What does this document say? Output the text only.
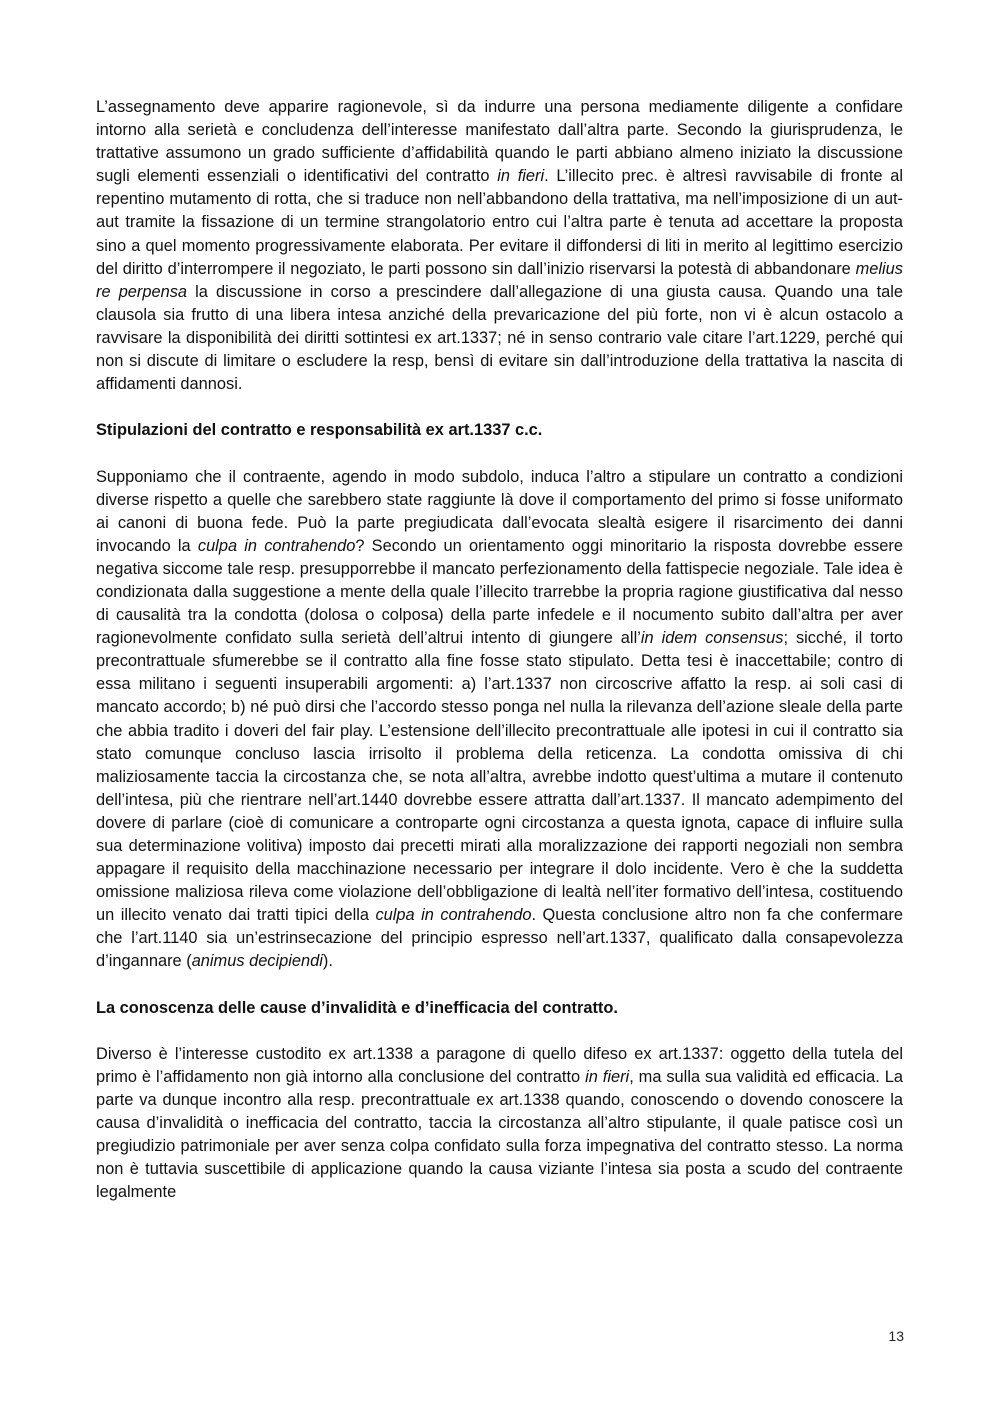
L’assegnamento deve apparire ragionevole, sì da indurre una persona mediamente diligente a confidare intorno alla serietà e concludenza dell’interesse manifestato dall’altra parte. Secondo la giurisprudenza, le trattative assumono un grado sufficiente d’affidabilità quando le parti abbiano almeno iniziato la discussione sugli elementi essenziali o identificativi del contratto in fieri. L’illecito prec. è altresì ravvisabile di fronte al repentino mutamento di rotta, che si traduce non nell’abbandono della trattativa, ma nell’imposizione di un aut-aut tramite la fissazione di un termine strangolatorio entro cui l’altra parte è tenuta ad accettare la proposta sino a quel momento progressivamente elaborata. Per evitare il diffondersi di liti in merito al legittimo esercizio del diritto d’interrompere il negoziato, le parti possono sin dall’inizio riservarsi la potestà di abbandonare melius re perpensa la discussione in corso a prescindere dall’allegazione di una giusta causa. Quando una tale clausola sia frutto di una libera intesa anziché della prevaricazione del più forte, non vi è alcun ostacolo a ravvisare la disponibilità dei diritti sottintesi ex art.1337; né in senso contrario vale citare l’art.1229, perché qui non si discute di limitare o escludere la resp, bensì di evitare sin dall’introduzione della trattativa la nascita di affidamenti dannosi.

Stipulazioni del contratto e responsabilità ex art.1337 c.c.

Supponiamo che il contraente, agendo in modo subdolo, induca l’altro a stipulare un contratto a condizioni diverse rispetto a quelle che sarebbero state raggiunte là dove il comportamento del primo si fosse uniformato ai canoni di buona fede. Può la parte pregiudicata dall’evocata slealtà esigere il risarcimento dei danni invocando la culpa in contrahendo? Secondo un orientamento oggi minoritario la risposta dovrebbe essere negativa siccome tale resp. presupporrebbe il mancato perfezionamento della fattispecie negoziale. Tale idea è condizionata dalla suggestione a mente della quale l’illecito trarrebbe la propria ragione giustificativa dal nesso di causalità tra la condotta (dolosa o colposa) della parte infedele e il nocumento subito dall’altra per aver ragionevolmente confidato sulla serietà dell’altrui intento di giungere all’in idem consensus; sicché, il torto precontrattuale sfumerebbe se il contratto alla fine fosse stato stipulato. Detta tesi è inaccettabile; contro di essa militano i seguenti insuperabili argomenti: a) l’art.1337 non circoscrive affatto la resp. ai soli casi di mancato accordo; b) né può dirsi che l’accordo stesso ponga nel nulla la rilevanza dell’azione sleale della parte che abbia tradito i doveri del fair play. L’estensione dell’illecito precontrattuale alle ipotesi in cui il contratto sia stato comunque concluso lascia irrisolto il problema della reticenza. La condotta omissiva di chi maliziosamente taccia la circostanza che, se nota all’altra, avrebbe indotto quest’ultima a mutare il contenuto dell’intesa, più che rientrare nell’art.1440 dovrebbe essere attratta dall’art.1337. Il mancato adempimento del dovere di parlare (cioè di comunicare a controparte ogni circostanza a questa ignota, capace di influire sulla sua determinazione volitiva) imposto dai precetti mirati alla moralizzazione dei rapporti negoziali non sembra appagare il requisito della macchinazione necessario per integrare il dolo incidente. Vero è che la suddetta omissione maliziosa rileva come violazione dell’obbligazione di lealtà nell’iter formativo dell’intesa, costituendo un illecito venato dai tratti tipici della culpa in contrahendo. Questa conclusione altro non fa che confermare che l’art.1140 sia un’estrinsecazione del principio espresso nell’art.1337, qualificato dalla consapevolezza d’ingannare (animus decipiendi).

La conoscenza delle cause d’invalidità e d’inefficacia del contratto.

Diverso è l’interesse custodito ex art.1338 a paragone di quello difeso ex art.1337: oggetto della tutela del primo è l’affidamento non già intorno alla conclusione del contratto in fieri, ma sulla sua validità ed efficacia. La parte va dunque incontro alla resp. precontrattuale ex art.1338 quando, conoscendo o dovendo conoscere la causa d’invalidità o inefficacia del contratto, taccia la circostanza all’altro stipulante, il quale patisce così un pregiudizio patrimoniale per aver senza colpa confidato sulla forza impegnativa del contratto stesso. La norma non è tuttavia suscettibile di applicazione quando la causa viziante l’intesa sia posta a scudo del contraente legalmente

13
